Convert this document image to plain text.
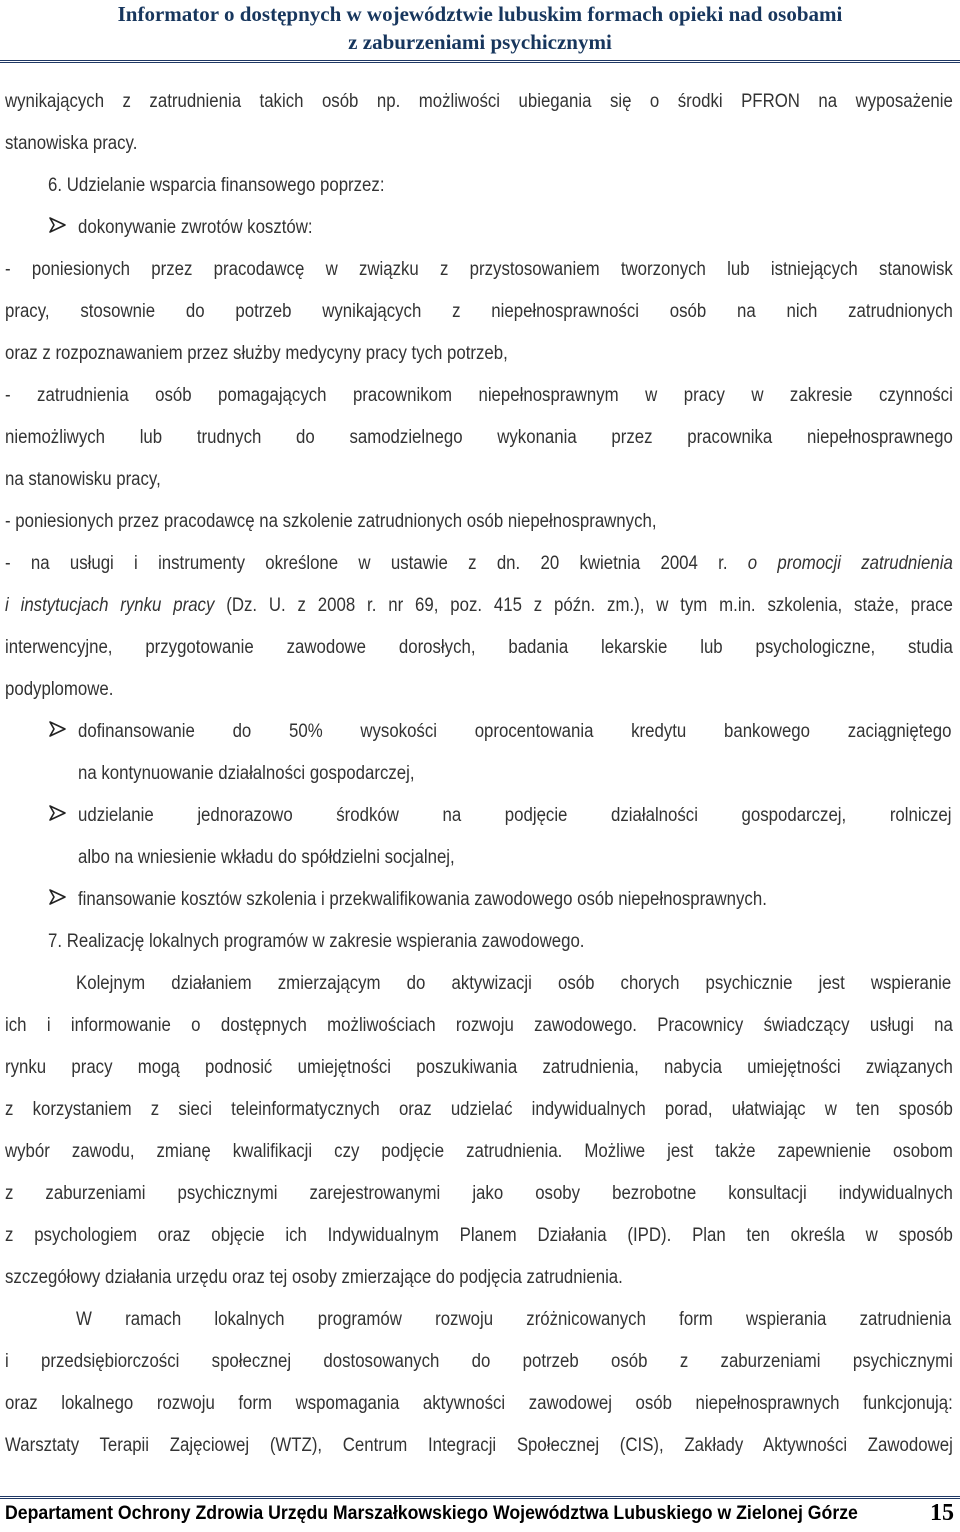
Informator o dostępnych w województwie lubuskim formach opieki nad osobami
z zaburzeniami psychicznymi
wynikających z zatrudnienia takich osób np. możliwości ubiegania się o środki PFRON na wyposażenie
stanowiska pracy.
6. Udzielanie wsparcia finansowego poprzez:
dokonywanie zwrotów kosztów:
- poniesionych przez pracodawcę w związku z przystosowaniem tworzonych lub istniejących stanowisk
pracy, stosownie do potrzeb wynikających z niepełnosprawności osób na nich zatrudnionych
oraz z rozpoznawaniem przez służby medycyny pracy tych potrzeb,
- zatrudnienia osób pomagających pracownikom niepełnosprawnym w pracy w zakresie czynności
niemożliwych lub trudnych do samodzielnego wykonania przez pracownika niepełnosprawnego
na stanowisku pracy,
- poniesionych przez pracodawcę na szkolenie zatrudnionych osób niepełnosprawnych,
- na usługi i instrumenty określone w ustawie z dn. 20 kwietnia 2004 r. o promocji zatrudnienia
i instytucjach rynku pracy (Dz. U. z 2008 r. nr 69, poz. 415 z późn. zm.), w tym m.in. szkolenia, staże, prace
interwencyjne, przygotowanie zawodowe dorosłych, badania lekarskie lub psychologiczne, studia
podyplomowe.
dofinansowanie do 50% wysokości oprocentowania kredytu bankowego zaciągniętego
na kontynuowanie działalności gospodarczej,
udzielanie jednorazowo środków na podjęcie działalności gospodarczej, rolniczej
albo na wniesienie wkładu do spółdzielni socjalnej,
finansowanie kosztów szkolenia i przekwalifikowania zawodowego osób niepełnosprawnych.
7. Realizację lokalnych programów w zakresie wspierania zawodowego.
Kolejnym działaniem zmierzającym do aktywizacji osób chorych psychicznie jest wspieranie
ich i informowanie o dostępnych możliwościach rozwoju zawodowego. Pracownicy świadczący usługi na
rynku pracy mogą podnosić umiejętności poszukiwania zatrudnienia, nabycia umiejętności związanych
z korzystaniem z sieci teleinformatycznych oraz udzielać indywidualnych porad, ułatwiając w ten sposób
wybór zawodu, zmianę kwalifikacji czy podjęcie zatrudnienia. Możliwe jest także zapewnienie osobom
z zaburzeniami psychicznymi zarejestrowanymi jako osoby bezrobotne konsultacji indywidualnych
z psychologiem oraz objęcie ich Indywidualnym Planem Działania (IPD). Plan ten określa w sposób
szczegółowy działania urzędu oraz tej osoby zmierzające do podjęcia zatrudnienia.
W ramach lokalnych programów rozwoju zróżnicowanych form wspierania zatrudnienia
i przedsiębiorczości społecznej dostosowanych do potrzeb osób z zaburzeniami psychicznymi
oraz lokalnego rozwoju form wspomagania aktywności zawodowej osób niepełnosprawnych funkcjonują:
Warsztaty Terapii Zajęciowej (WTZ), Centrum Integracji Społecznej (CIS), Zakłady Aktywności Zawodowej
Departament Ochrony Zdrowia Urzędu Marszałkowskiego Województwa Lubuskiego w Zielonej Górze	15
